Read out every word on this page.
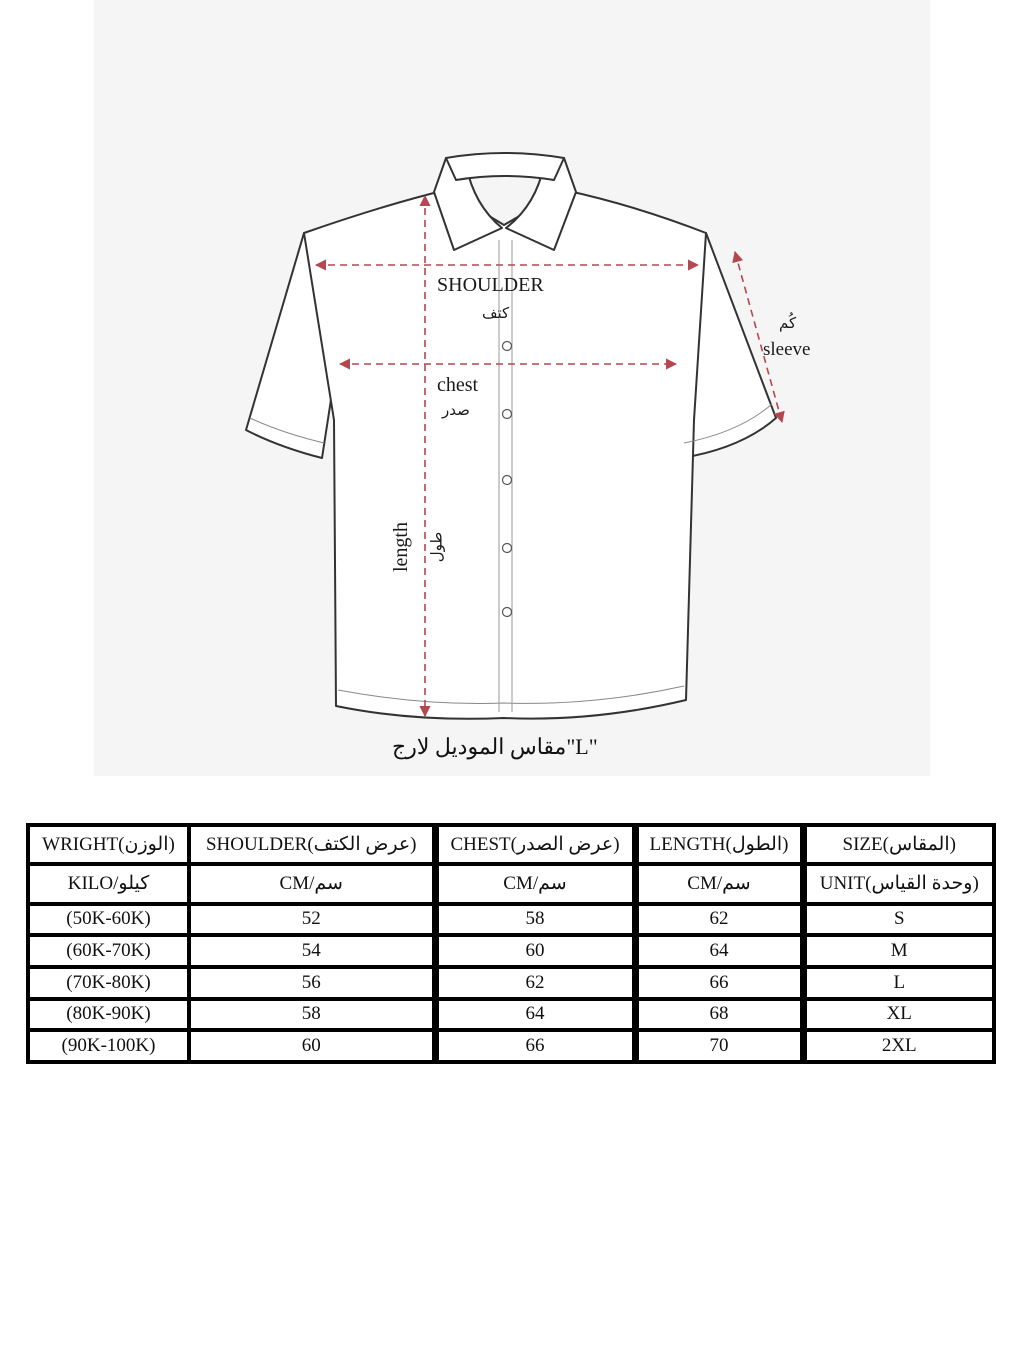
SHOULDER
كتف
chest
صدر
كُم
sleeve
length طول
مقاس الموديل لارج"L"
WRIGHT(الوزن)	SHOULDER(عرض الكتف)	CHEST(عرض الصدر)	LENGTH(الطول)	SIZE(المقاس)
KILO/كيلو	CM/سم	CM/سم	CM/سم	UNIT(وحدة القياس)
(50K-60K)	52	58	62	S
(60K-70K)	54	60	64	M
(70K-80K)	56	62	66	L
(80K-90K)	58	64	68	XL
(90K-100K)	60	66	70	2XL
